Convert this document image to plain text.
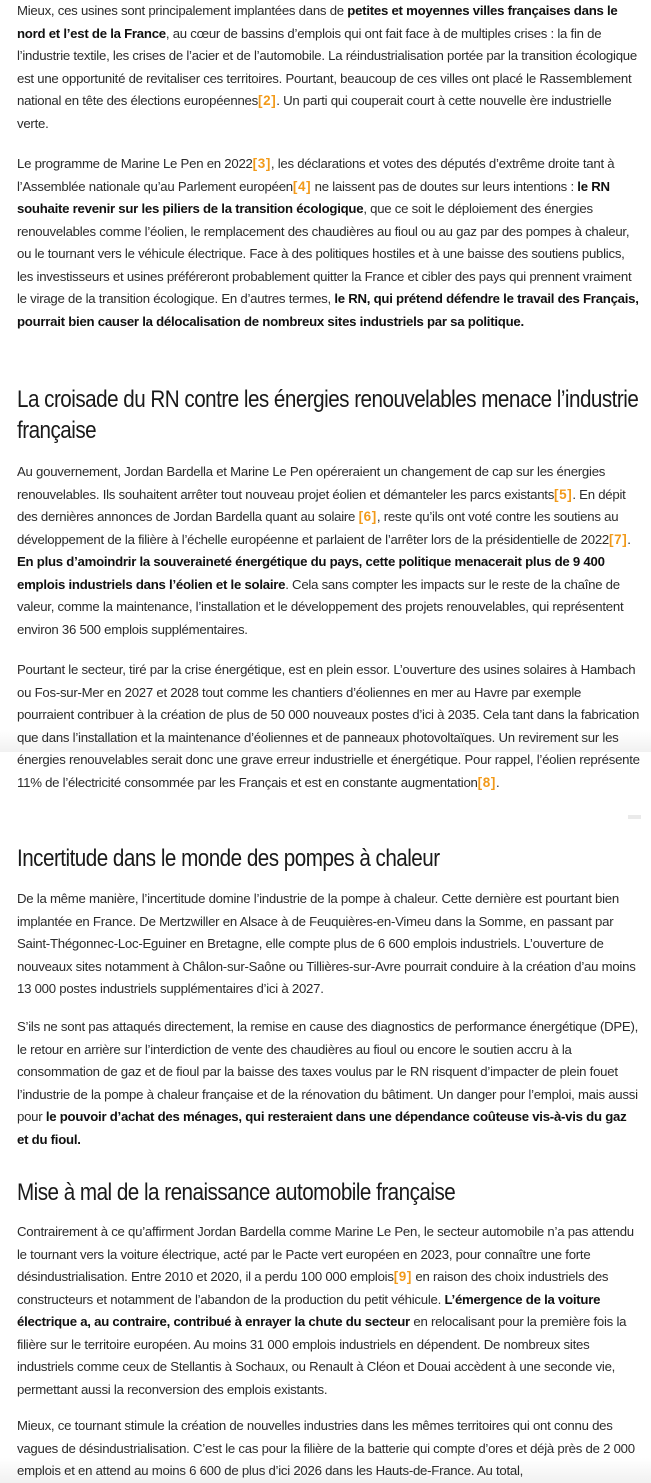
Mieux, ces usines sont principalement implantées dans de petites et moyennes villes françaises dans le nord et l’est de la France, au cœur de bassins d’emplois qui ont fait face à de multiples crises : la fin de l’industrie textile, les crises de l’acier et de l’automobile. La réindustrialisation portée par la transition écologique est une opportunité de revitaliser ces territoires. Pourtant, beaucoup de ces villes ont placé le Rassemblement national en tête des élections européennes[2]. Un parti qui couperait court à cette nouvelle ère industrielle verte.

Le programme de Marine Le Pen en 2022[3], les déclarations et votes des députés d’extrême droite tant à l’Assemblée nationale qu’au Parlement européen[4] ne laissent pas de doutes sur leurs intentions : le RN souhaite revenir sur les piliers de la transition écologique, que ce soit le déploiement des énergies renouvelables comme l’éolien, le remplacement des chaudières au fioul ou au gaz par des pompes à chaleur, ou le tournant vers le véhicule électrique. Face à des politiques hostiles et à une baisse des soutiens publics, les investisseurs et usines préféreront probablement quitter la France et cibler des pays qui prennent vraiment le virage de la transition écologique. En d’autres termes, le RN, qui prétend défendre le travail des Français, pourrait bien causer la délocalisation de nombreux sites industriels par sa politique.

La croisade du RN contre les énergies renouvelables menace l’industrie française

Au gouvernement, Jordan Bardella et Marine Le Pen opéreraient un changement de cap sur les énergies renouvelables. Ils souhaitent arrêter tout nouveau projet éolien et démanteler les parcs existants[5]. En dépit des dernières annonces de Jordan Bardella quant au solaire [6], reste qu’ils ont voté contre les soutiens au développement de la filière à l’échelle européenne et parlaient de l’arrêter lors de la présidentielle de 2022[7]. En plus d’amoindrir la souveraineté énergétique du pays, cette politique menacerait plus de 9 400 emplois industriels dans l’éolien et le solaire. Cela sans compter les impacts sur le reste de la chaîne de valeur, comme la maintenance, l’installation et le développement des projets renouvelables, qui représentent environ 36 500 emplois supplémentaires.

Pourtant le secteur, tiré par la crise énergétique, est en plein essor. L’ouverture des usines solaires à Hambach ou Fos-sur-Mer en 2027 et 2028 tout comme les chantiers d’éoliennes en mer au Havre par exemple pourraient contribuer à la création de plus de 50 000 nouveaux postes d’ici à 2035. Cela tant dans la fabrication que dans l’installation et la maintenance d’éoliennes et de panneaux photovoltaïques. Un revirement sur les énergies renouvelables serait donc une grave erreur industrielle et énergétique. Pour rappel, l’éolien représente 11% de l’électricité consommée par les Français et est en constante augmentation[8].

Incertitude dans le monde des pompes à chaleur

De la même manière, l’incertitude domine l’industrie de la pompe à chaleur. Cette dernière est pourtant bien implantée en France. De Mertzwiller en Alsace à de Feuquières-en-Vimeu dans la Somme, en passant par Saint-Thégonnec-Loc-Eguiner en Bretagne, elle compte plus de 6 600 emplois industriels. L’ouverture de nouveaux sites notamment à Châlon-sur-Saône ou Tillières-sur-Avre pourrait conduire à la création d’au moins 13 000 postes industriels supplémentaires d’ici à 2027.

S’ils ne sont pas attaqués directement, la remise en cause des diagnostics de performance énergétique (DPE), le retour en arrière sur l’interdiction de vente des chaudières au fioul ou encore le soutien accru à la consommation de gaz et de fioul par la baisse des taxes voulus par le RN risquent d’impacter de plein fouet l’industrie de la pompe à chaleur française et de la rénovation du bâtiment. Un danger pour l’emploi, mais aussi pour le pouvoir d’achat des ménages, qui resteraient dans une dépendance coûteuse vis-à-vis du gaz et du fioul.

Mise à mal de la renaissance automobile française

Contrairement à ce qu’affirment Jordan Bardella comme Marine Le Pen, le secteur automobile n’a pas attendu le tournant vers la voiture électrique, acté par le Pacte vert européen en 2023, pour connaître une forte désindustrialisation. Entre 2010 et 2020, il a perdu 100 000 emplois[9] en raison des choix industriels des constructeurs et notamment de l’abandon de la production du petit véhicule. L’émergence de la voiture électrique a, au contraire, contribué à enrayer la chute du secteur en relocalisant pour la première fois la filière sur le territoire européen. Au moins 31 000 emplois industriels en dépendent. De nombreux sites industriels comme ceux de Stellantis à Sochaux, ou Renault à Cléon et Douai accèdent à une seconde vie, permettant aussi la reconversion des emplois existants.

Mieux, ce tournant stimule la création de nouvelles industries dans les mêmes territoires qui ont connu des vagues de désindustrialisation. C’est le cas pour la filière de la batterie qui compte d’ores et déjà près de 2 000 emplois et en attend au moins 6 600 de plus d’ici 2026 dans les Hauts-de-France. Au total,
